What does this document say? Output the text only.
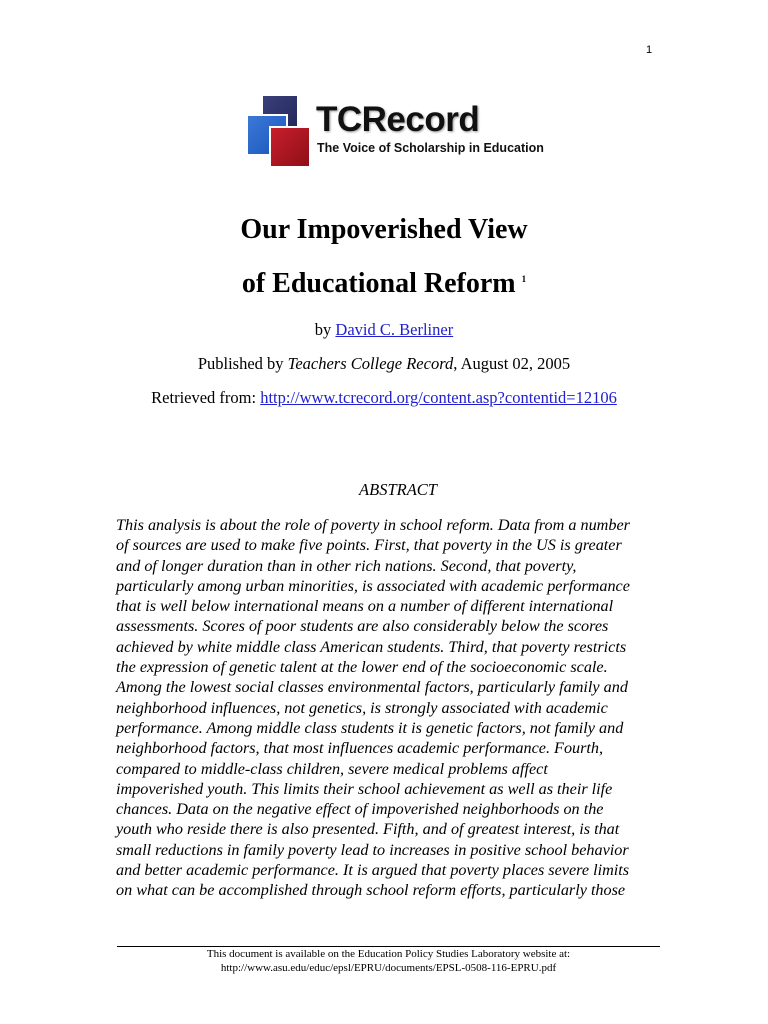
1
TCRecord
The Voice of Scholarship in Education
Our Impoverished View
of Educational Reform $^1$
by David C. Berliner
Published by Teachers College Record, August 02, 2005
Retrieved from: http://www.tcrecord.org/content.asp?contentid=12106
ABSTRACT

This analysis is about the role of poverty in school reform. Data from a number
of sources are used to make five points. First, that poverty in the US is greater
and of longer duration than in other rich nations. Second, that poverty,
particularly among urban minorities, is associated with academic performance
that is well below international means on a number of different international
assessments. Scores of poor students are also considerably below the scores
achieved by white middle class American students. Third, that poverty restricts
the expression of genetic talent at the lower end of the socioeconomic scale.
Among the lowest social classes environmental factors, particularly family and
neighborhood influences, not genetics, is strongly associated with academic
performance. Among middle class students it is genetic factors, not family and
neighborhood factors, that most influences academic performance. Fourth,
compared to middle-class children, severe medical problems affect
impoverished youth. This limits their school achievement as well as their life
chances. Data on the negative effect of impoverished neighborhoods on the
youth who reside there is also presented. Fifth, and of greatest interest, is that
small reductions in family poverty lead to increases in positive school behavior
and better academic performance. It is argued that poverty places severe limits
on what can be accomplished through school reform efforts, particularly those

This document is available on the Education Policy Studies Laboratory website at:
http://www.asu.edu/educ/epsl/EPRU/documents/EPSL-0508-116-EPRU.pdf
